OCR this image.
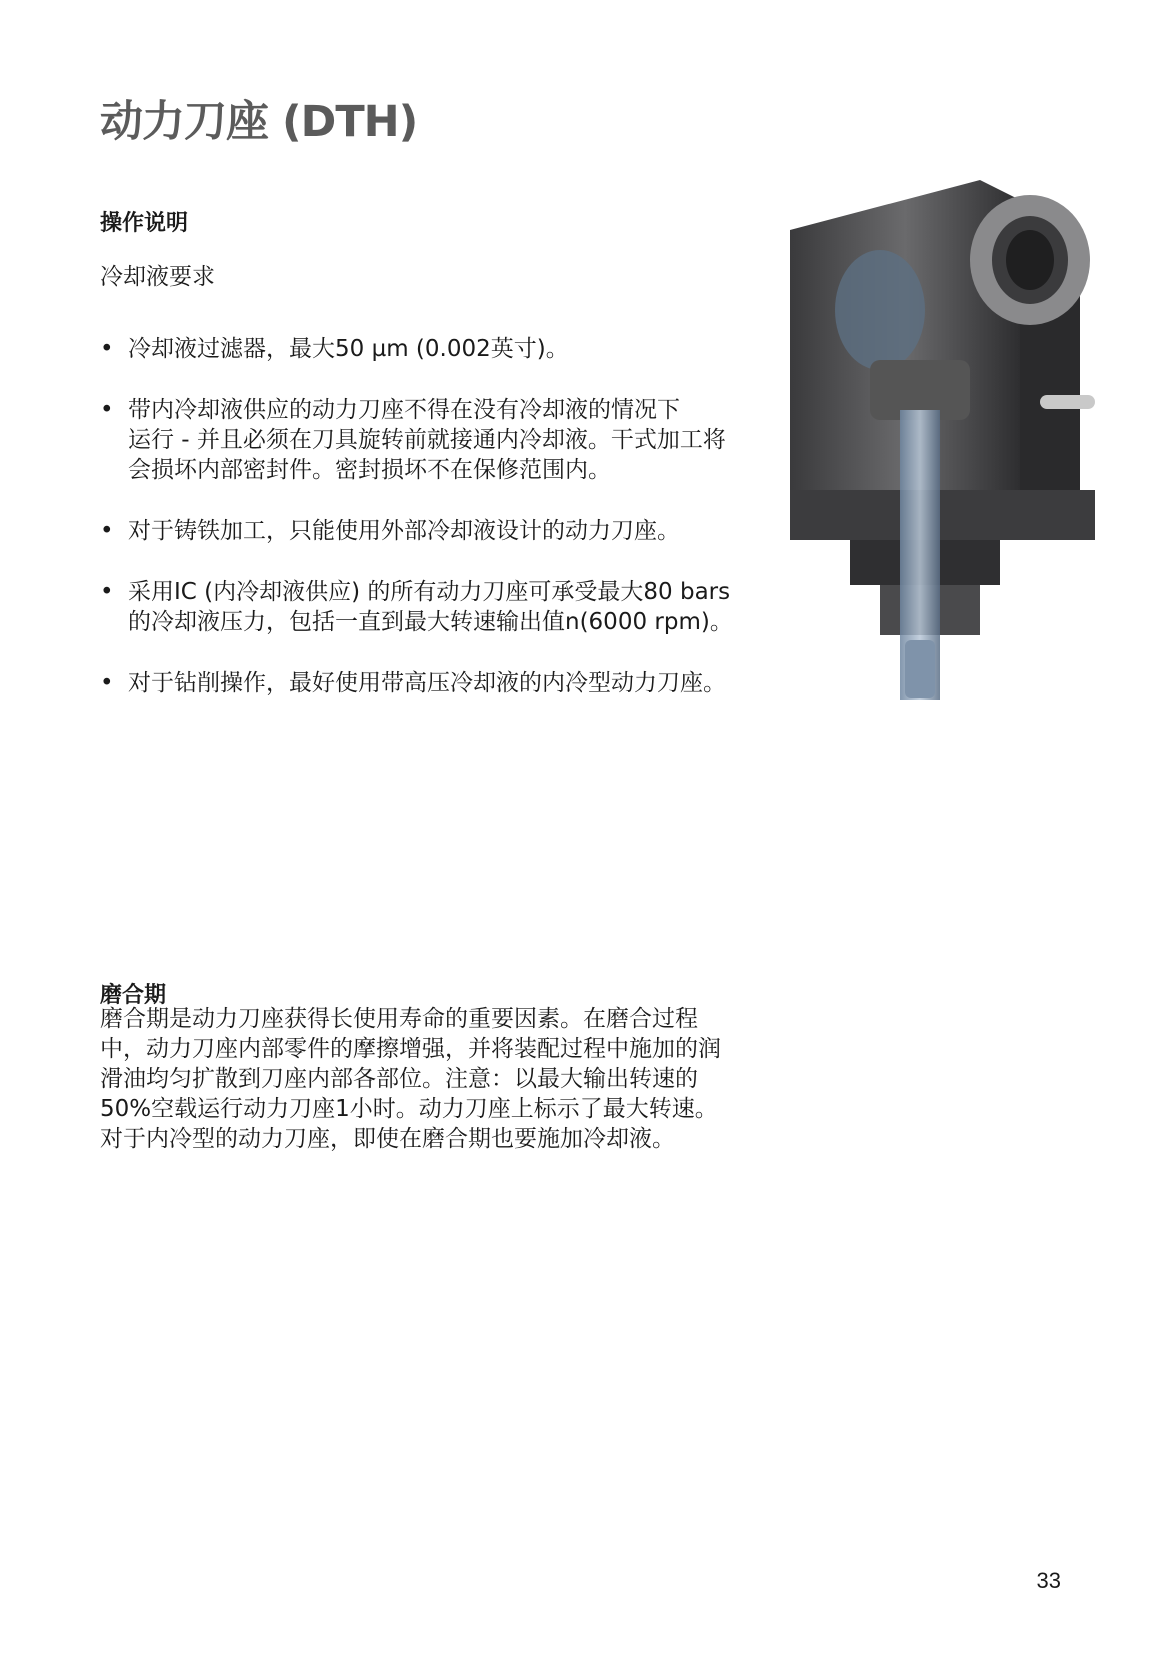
动力刀座 (DTH)
操作说明
冷却液要求
• 冷却液过滤器，最大50 µm (0.002英寸)。
• 带内冷却液供应的动力刀座不得在没有冷却液的情况下
运行 - 并且必须在刀具旋转前就接通内冷却液。干式加工将
会损坏内部密封件。密封损坏不在保修范围内。
• 对于铸铁加工，只能使用外部冷却液设计的动力刀座。
• 采用IC (内冷却液供应) 的所有动力刀座可承受最大80 bars
的冷却液压力，包括一直到最大转速输出值n(6000 rpm)。
• 对于钻削操作，最好使用带高压冷却液的内冷型动力刀座。
磨合期
磨合期是动力刀座获得长使用寿命的重要因素。在磨合过程
中，动力刀座内部零件的摩擦增强，并将装配过程中施加的润
滑油均匀扩散到刀座内部各部位。注意：以最大输出转速的
50%空载运行动力刀座1小时。动力刀座上标示了最大转速。
对于内冷型的动力刀座，即使在磨合期也要施加冷却液。
33
